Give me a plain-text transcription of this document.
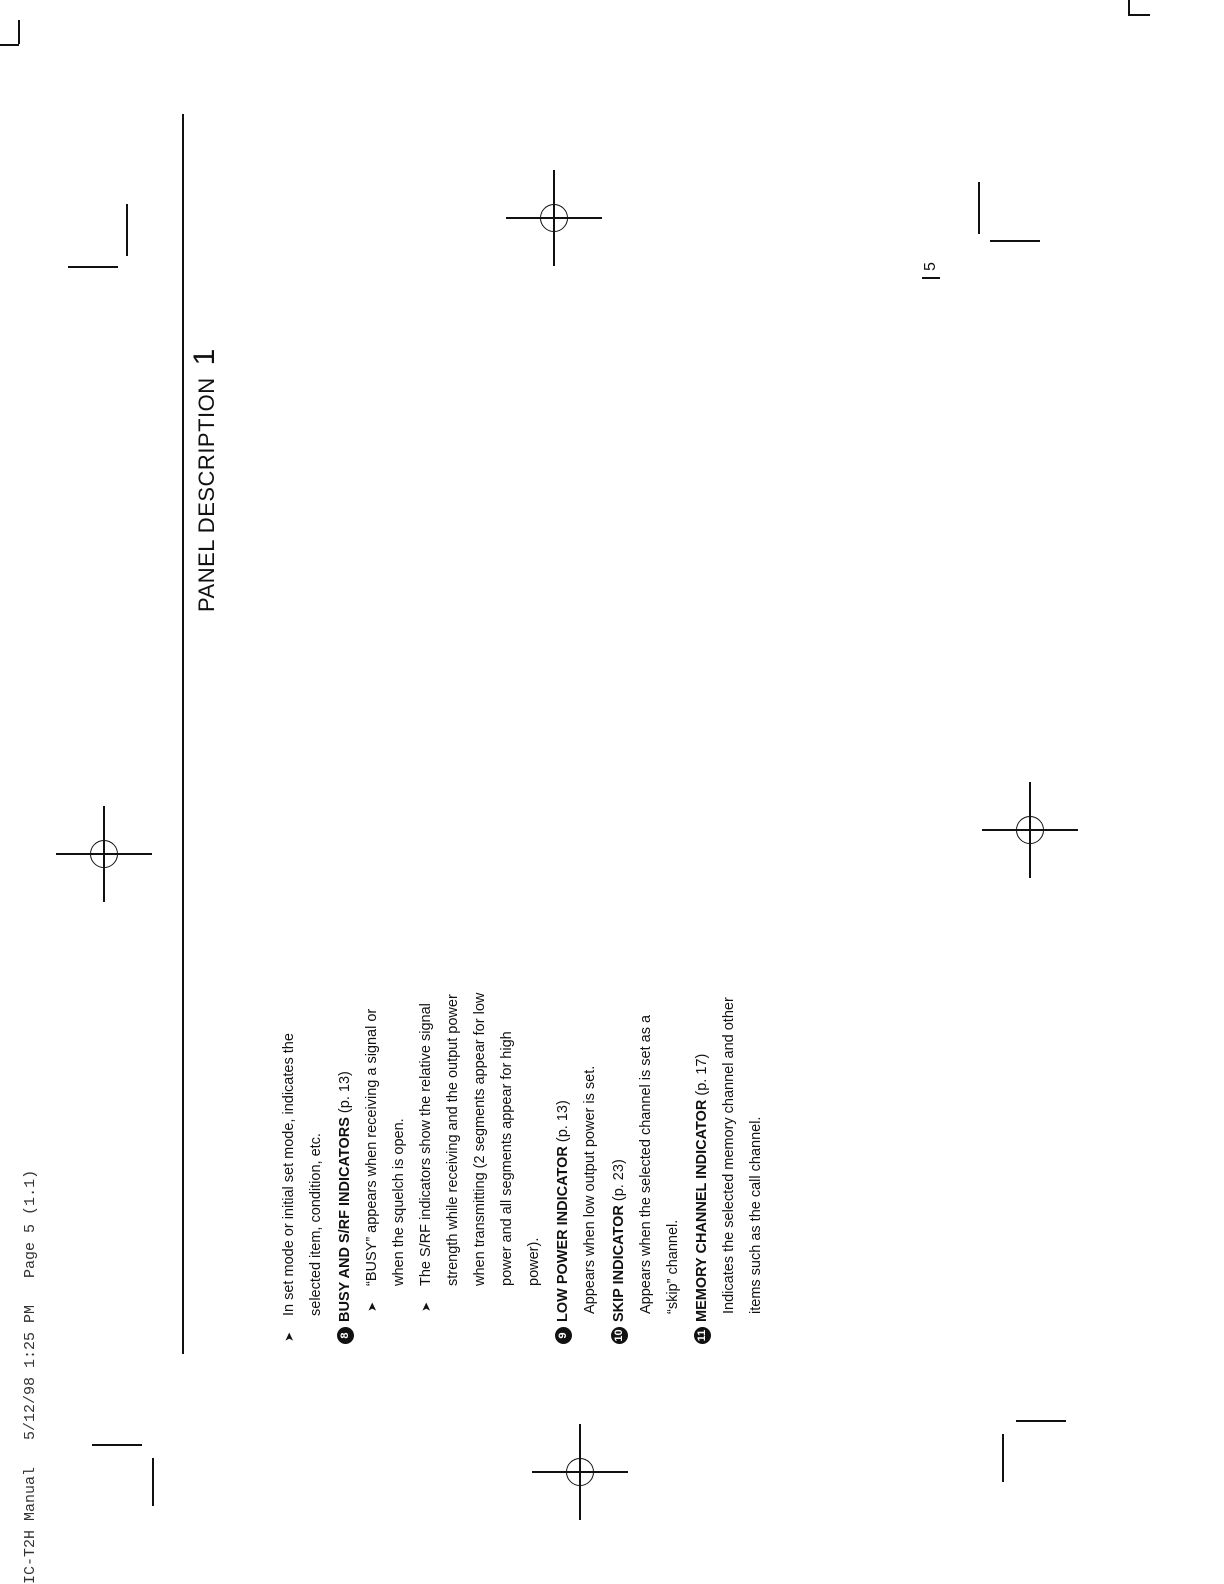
IC-T2H Manual   5/12/98 1:25 PM   Page 5 (1.1)
PANEL DESCRIPTION1
5
➤
In set mode or initial set mode, indicates the selected item, condition, etc.
8BUSY AND S/RF INDICATORS (p. 13)
➤
“BUSY” appears when receiving a signal or when the squelch is open.
➤
The S/RF indicators show the relative signal strength while receiving and the output power when transmitting (2 segments appear for low power and all segments appear for high power).
9LOW POWER INDICATOR (p. 13) Appears when low output power is set.
10SKIP INDICATOR (p. 23) Appears when the selected channel is set as a “skip” channel.
11MEMORY CHANNEL INDICATOR (p. 17) Indicates the selected memory channel and other items such as the call channel.
